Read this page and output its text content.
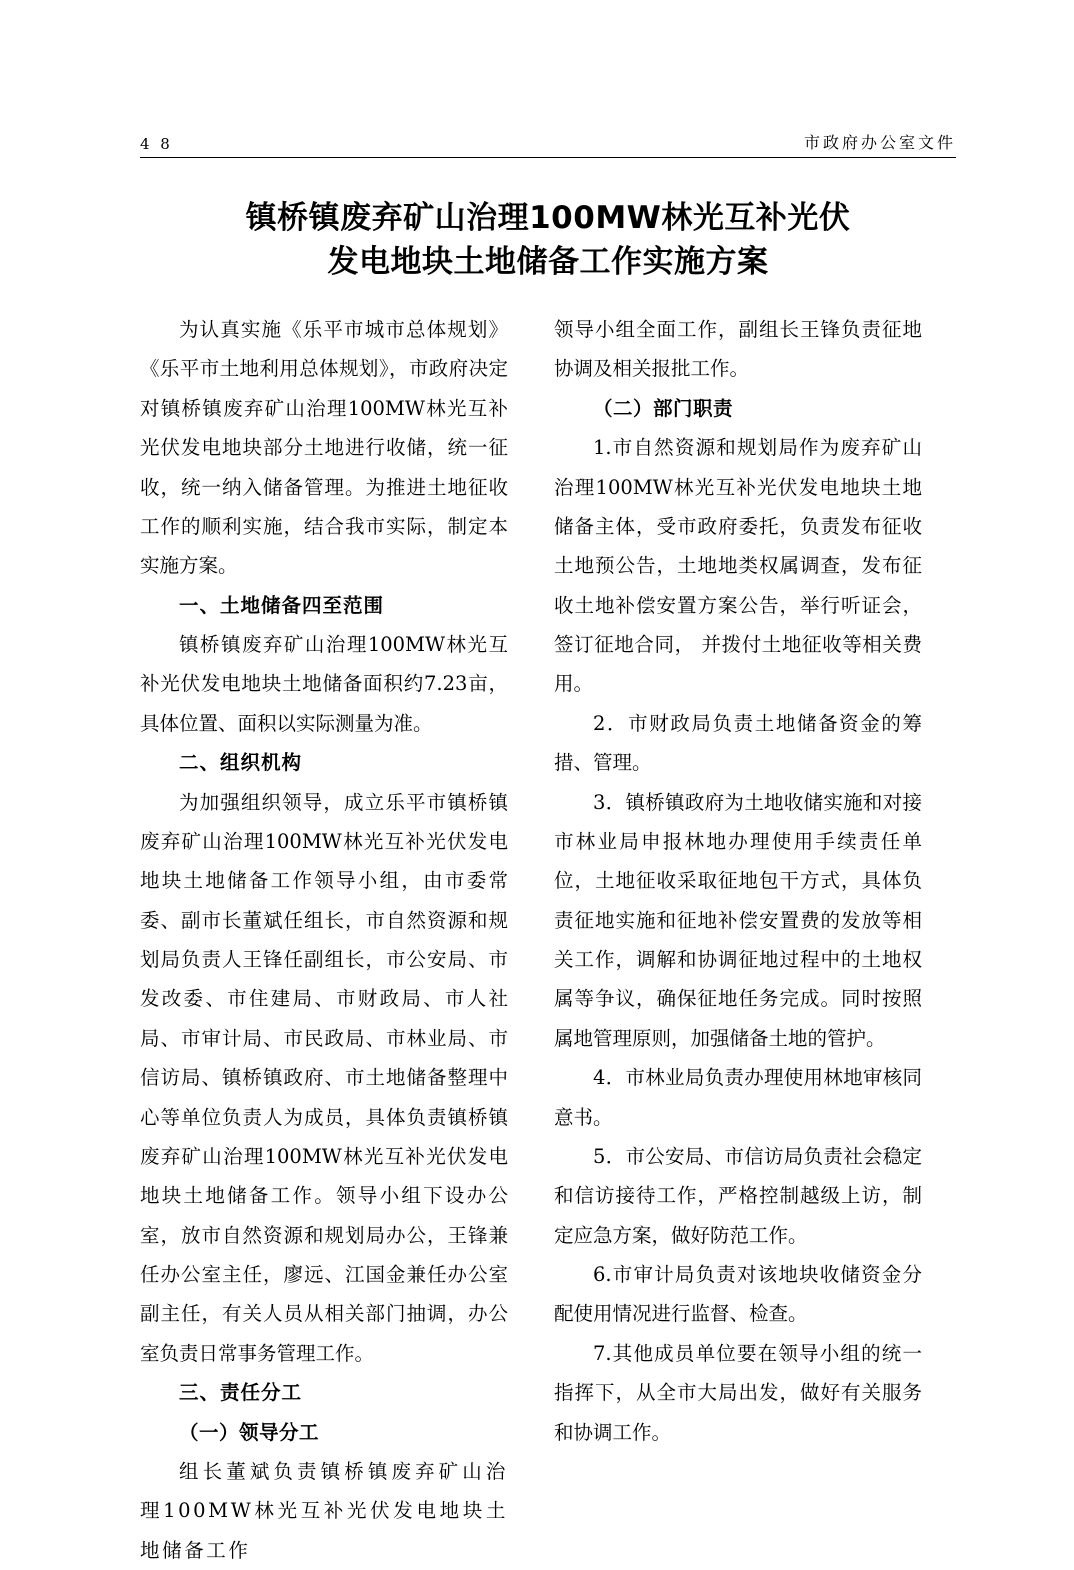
4 8	市政府办公室文件
镇桥镇废弃矿山治理100MW林光互补光伏
发电地块土地储备工作实施方案

为认真实施《乐平市城市总体规划》《乐平市土地利用总体规划》，市政府决定对镇桥镇废弃矿山治理100MW林光互补光伏发电地块部分土地进行收储，统一征收，统一纳入储备管理。为推进土地征收工作的顺利实施，结合我市实际，制定本实施方案。

一、土地储备四至范围

镇桥镇废弃矿山治理100MW林光互补光伏发电地块土地储备面积约7.23亩，具体位置、面积以实际测量为准。

二、组织机构

为加强组织领导，成立乐平市镇桥镇废弃矿山治理100MW林光互补光伏发电地块土地储备工作领导小组，由市委常委、副市长董斌任组长，市自然资源和规划局负责人王锋任副组长，市公安局、市发改委、市住建局、市财政局、市人社局、市审计局、市民政局、市林业局、市信访局、镇桥镇政府、市土地储备整理中心等单位负责人为成员，具体负责镇桥镇废弃矿山治理100MW林光互补光伏发电地块土地储备工作。领导小组下设办公室，放市自然资源和规划局办公，王锋兼任办公室主任，廖远、江国金兼任办公室副主任，有关人员从相关部门抽调，办公室负责日常事务管理工作。

三、责任分工

（一）领导分工

组长董斌负责镇桥镇废弃矿山治理100MW林光互补光伏发电地块土地储备工作

领导小组全面工作，副组长王锋负责征地协调及相关报批工作。

（二）部门职责

1.市自然资源和规划局作为废弃矿山治理100MW林光互补光伏发电地块土地储备主体，受市政府委托，负责发布征收土地预公告，土地地类权属调查，发布征收土地补偿安置方案公告，举行听证会，签订征地合同， 并拨付土地征收等相关费用。

2．市财政局负责土地储备资金的筹措、管理。

3．镇桥镇政府为土地收储实施和对接市林业局申报林地办理使用手续责任单位，土地征收采取征地包干方式，具体负责征地实施和征地补偿安置费的发放等相关工作，调解和协调征地过程中的土地权属等争议，确保征地任务完成。同时按照属地管理原则，加强储备土地的管护。

4．市林业局负责办理使用林地审核同意书。

5．市公安局、市信访局负责社会稳定和信访接待工作，严格控制越级上访，制定应急方案，做好防范工作。

6.市审计局负责对该地块收储资金分配使用情况进行监督、检查。

7.其他成员单位要在领导小组的统一指挥下，从全市大局出发，做好有关服务和协调工作。
